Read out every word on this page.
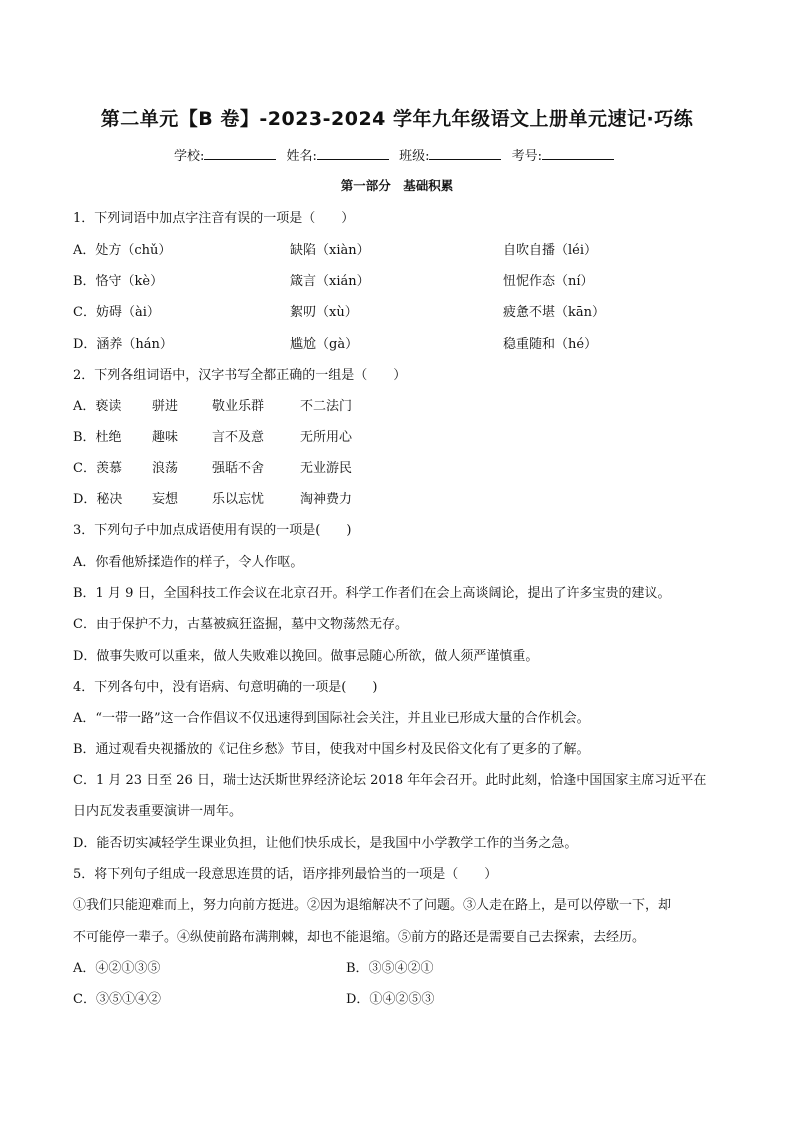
第二单元【B 卷】-2023-2024 学年九年级语文上册单元速记·巧练
学校:	姓名:	班级:	考号:
第一部分　基础积累
1．下列词语中加点字注音有误的一项是（　　）
A．处方（chǔ）	缺陷（xiàn）	自吹自播（léi）
B．恪守（kè）	箴言（xián）	忸怩作态（ní）
C．妨碍（ài）	絮叨（xù）	疲惫不堪（kān）
D．涵养（hán）	尴尬（gà）	稳重随和（hé）
2．下列各组词语中，汉字书写全都正确的一组是（　　）
A．亵读 骈进	敬业乐群	不二法门
B．杜绝 趣味	言不及意	无所用心
C．羡慕 浪荡	强聒不舍	无业游民
D．秘决 妄想	乐以忘忧	淘神费力
3．下列句子中加点成语使用有误的一项是(　　)
A．你看他矫揉造作的样子，令人作呕。
B．1 月 9 日，全国科技工作会议在北京召开。科学工作者们在会上高谈阔论，提出了许多宝贵的建议。
C．由于保护不力，古墓被疯狂盗掘，墓中文物荡然无存。
D．做事失败可以重来，做人失败难以挽回。做事忌随心所欲，做人须严谨慎重。
4．下列各句中，没有语病、句意明确的一项是(　　)
A．“一带一路”这一合作倡议不仅迅速得到国际社会关注，并且业已形成大量的合作机会。
B．通过观看央视播放的《记住乡愁》节目，使我对中国乡村及民俗文化有了更多的了解。
C．1 月 23 日至 26 日，瑞士达沃斯世界经济论坛 2018 年年会召开。此时此刻，恰逢中国国家主席习近平在
日内瓦发表重要演讲一周年。
D．能否切实减轻学生课业负担，让他们快乐成长，是我国中小学教学工作的当务之急。
5．将下列句子组成一段意思连贯的话，语序排列最恰当的一项是（　　）
①我们只能迎难而上，努力向前方挺进。②因为退缩解决不了问题。③人走在路上，是可以停歇一下，却
不可能停一辈子。④纵使前路布满荆棘，却也不能退缩。⑤前方的路还是需要自己去探索，去经历。
A．④②①③⑤	B．③⑤④②①
C．③⑤①④②	D．①④②⑤③
